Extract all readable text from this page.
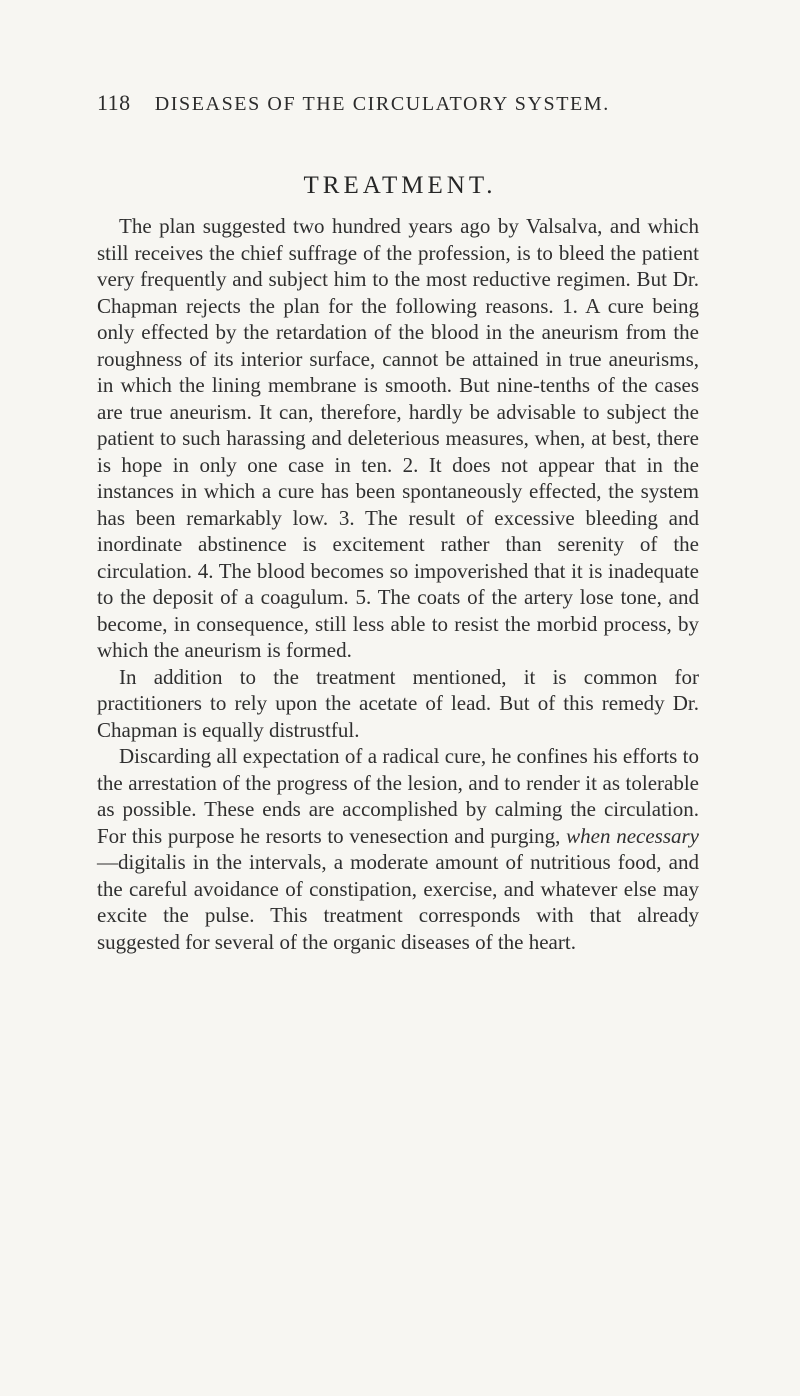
118 DISEASES OF THE CIRCULATORY SYSTEM.
TREATMENT.

The plan suggested two hundred years ago by Valsalva, and which still receives the chief suffrage of the profession, is to bleed the patient very frequently and subject him to the most reductive regimen. But Dr. Chapman rejects the plan for the following reasons. 1. A cure being only effected by the retardation of the blood in the aneurism from the roughness of its interior surface, cannot be attained in true aneurisms, in which the lining membrane is smooth. But nine-tenths of the cases are true aneurism. It can, therefore, hardly be advisable to subject the patient to such harassing and deleterious measures, when, at best, there is hope in only one case in ten. 2. It does not appear that in the instances in which a cure has been spontaneously effected, the system has been remarkably low. 3. The result of excessive bleeding and inordinate abstinence is excitement rather than serenity of the circulation. 4. The blood becomes so impoverished that it is inadequate to the deposit of a coagulum. 5. The coats of the artery lose tone, and become, in consequence, still less able to resist the morbid process, by which the aneurism is formed.

In addition to the treatment mentioned, it is common for practitioners to rely upon the acetate of lead. But of this remedy Dr. Chapman is equally distrustful.

Discarding all expectation of a radical cure, he confines his efforts to the arrestation of the progress of the lesion, and to render it as tolerable as possible. These ends are accomplished by calming the circulation. For this purpose he resorts to venesection and purging, when necessary—digitalis in the intervals, a moderate amount of nutritious food, and the careful avoidance of constipation, exercise, and whatever else may excite the pulse. This treatment corresponds with that already suggested for several of the organic diseases of the heart.
